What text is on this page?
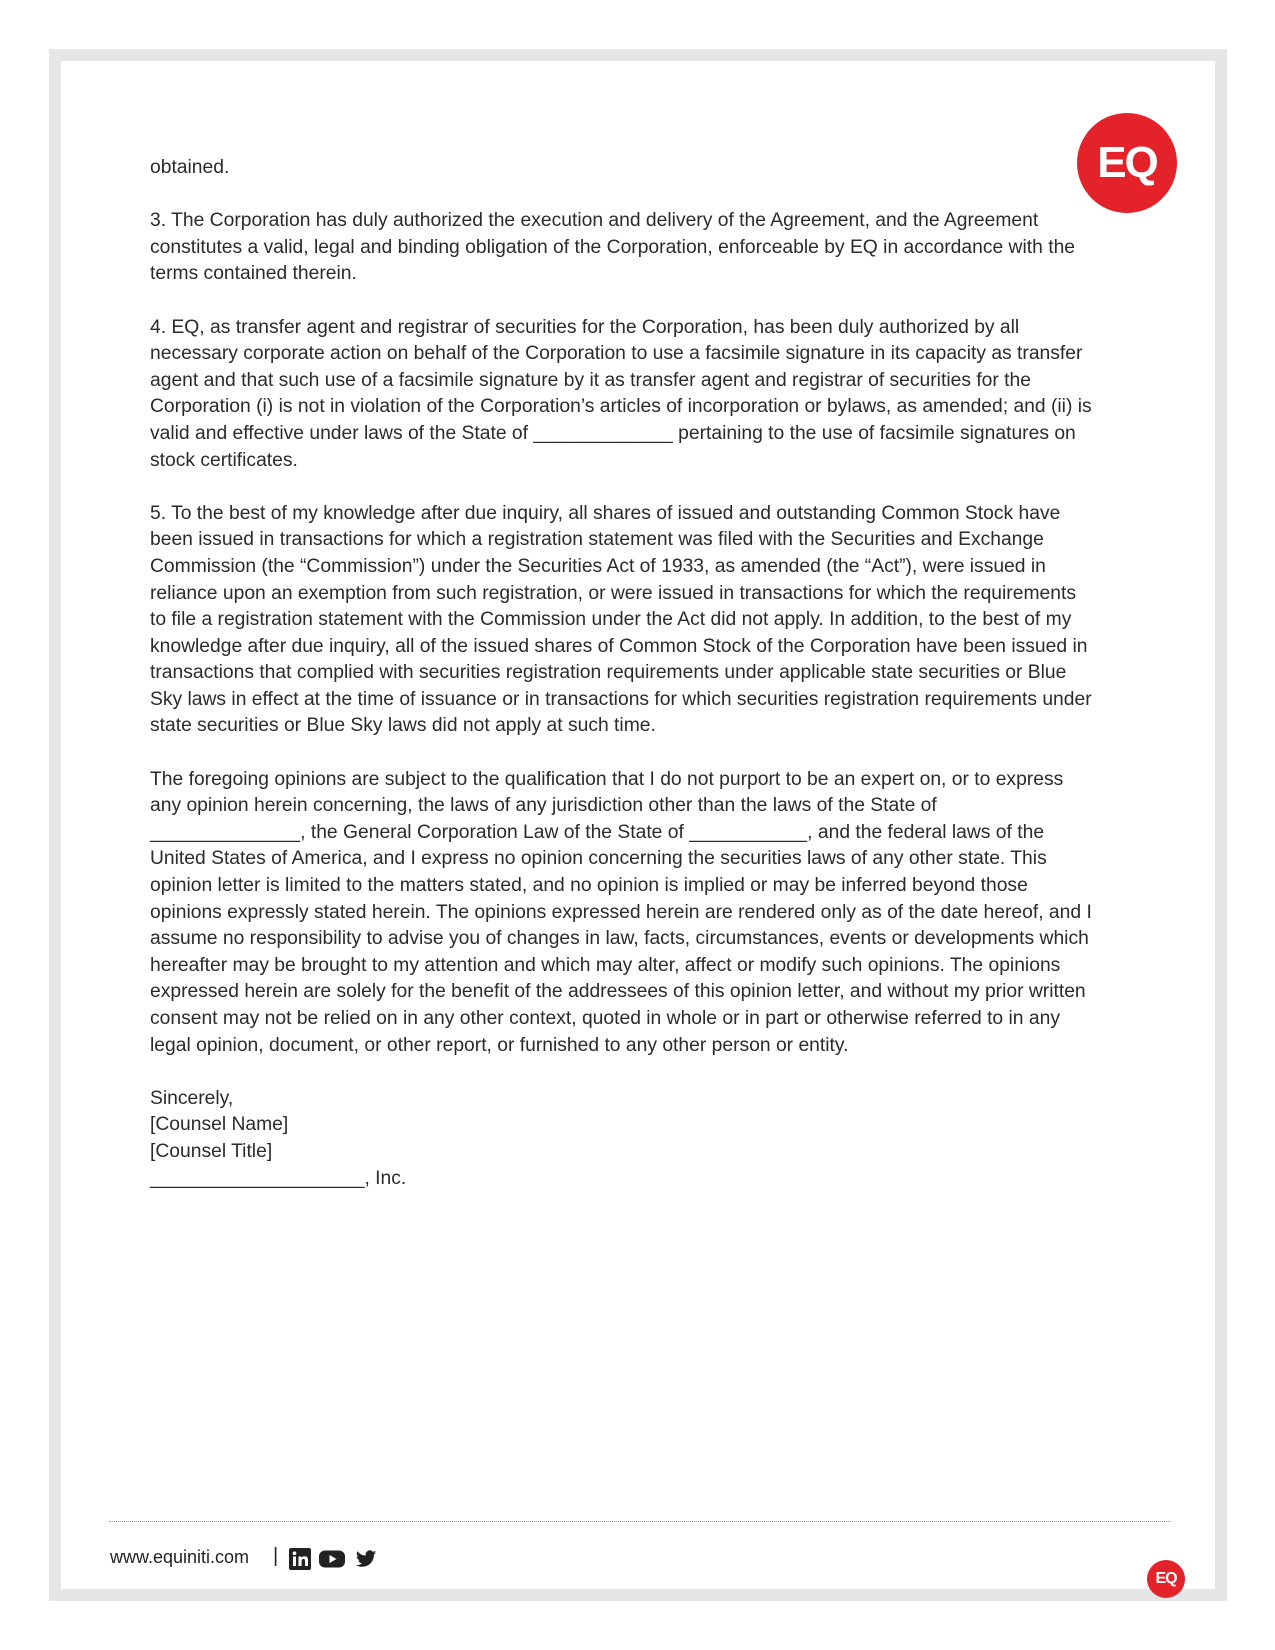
EQ

obtained.

3. The Corporation has duly authorized the execution and delivery of the Agreement, and the Agreement constitutes a valid, legal and binding obligation of the Corporation, enforceable by EQ in accordance with the terms contained therein.

4. EQ, as transfer agent and registrar of securities for the Corporation, has been duly authorized by all necessary corporate action on behalf of the Corporation to use a facsimile signature in its capacity as transfer agent and that such use of a facsimile signature by it as transfer agent and registrar of securities for the Corporation (i) is not in violation of the Corporation’s articles of incorporation or bylaws, as amended; and (ii) is valid and effective under laws of the State of _____________ pertaining to the use of facsimile signatures on stock certificates.

5. To the best of my knowledge after due inquiry, all shares of issued and outstanding Common Stock have been issued in transactions for which a registration statement was filed with the Securities and Exchange Commission (the “Commission”) under the Securities Act of 1933, as amended (the “Act”), were issued in reliance upon an exemption from such registration, or were issued in transactions for which the requirements to file a registration statement with the Commission under the Act did not apply. In addition, to the best of my knowledge after due inquiry, all of the issued shares of Common Stock of the Corporation have been issued in transactions that complied with securities registration requirements under applicable state securities or Blue Sky laws in effect at the time of issuance or in transactions for which securities registration requirements under state securities or Blue Sky laws did not apply at such time.

The foregoing opinions are subject to the qualification that I do not purport to be an expert on, or to express any opinion herein concerning, the laws of any jurisdiction other than the laws of the State of ______________, the General Corporation Law of the State of ___________, and the federal laws of the United States of America, and I express no opinion concerning the securities laws of any other state. This opinion letter is limited to the matters stated, and no opinion is implied or may be inferred beyond those opinions expressly stated herein. The opinions expressed herein are rendered only as of the date hereof, and I assume no responsibility to advise you of changes in law, facts, circumstances, events or developments which hereafter may be brought to my attention and which may alter, affect or modify such opinions. The opinions expressed herein are solely for the benefit of the addressees of this opinion letter, and without my prior written consent may not be relied on in any other context, quoted in whole or in part or otherwise referred to in any legal opinion, document, or other report, or furnished to any other person or entity.

Sincerely,
[Counsel Name]
[Counsel Title]
____________________, Inc.
www.equiniti.com |
EQ
